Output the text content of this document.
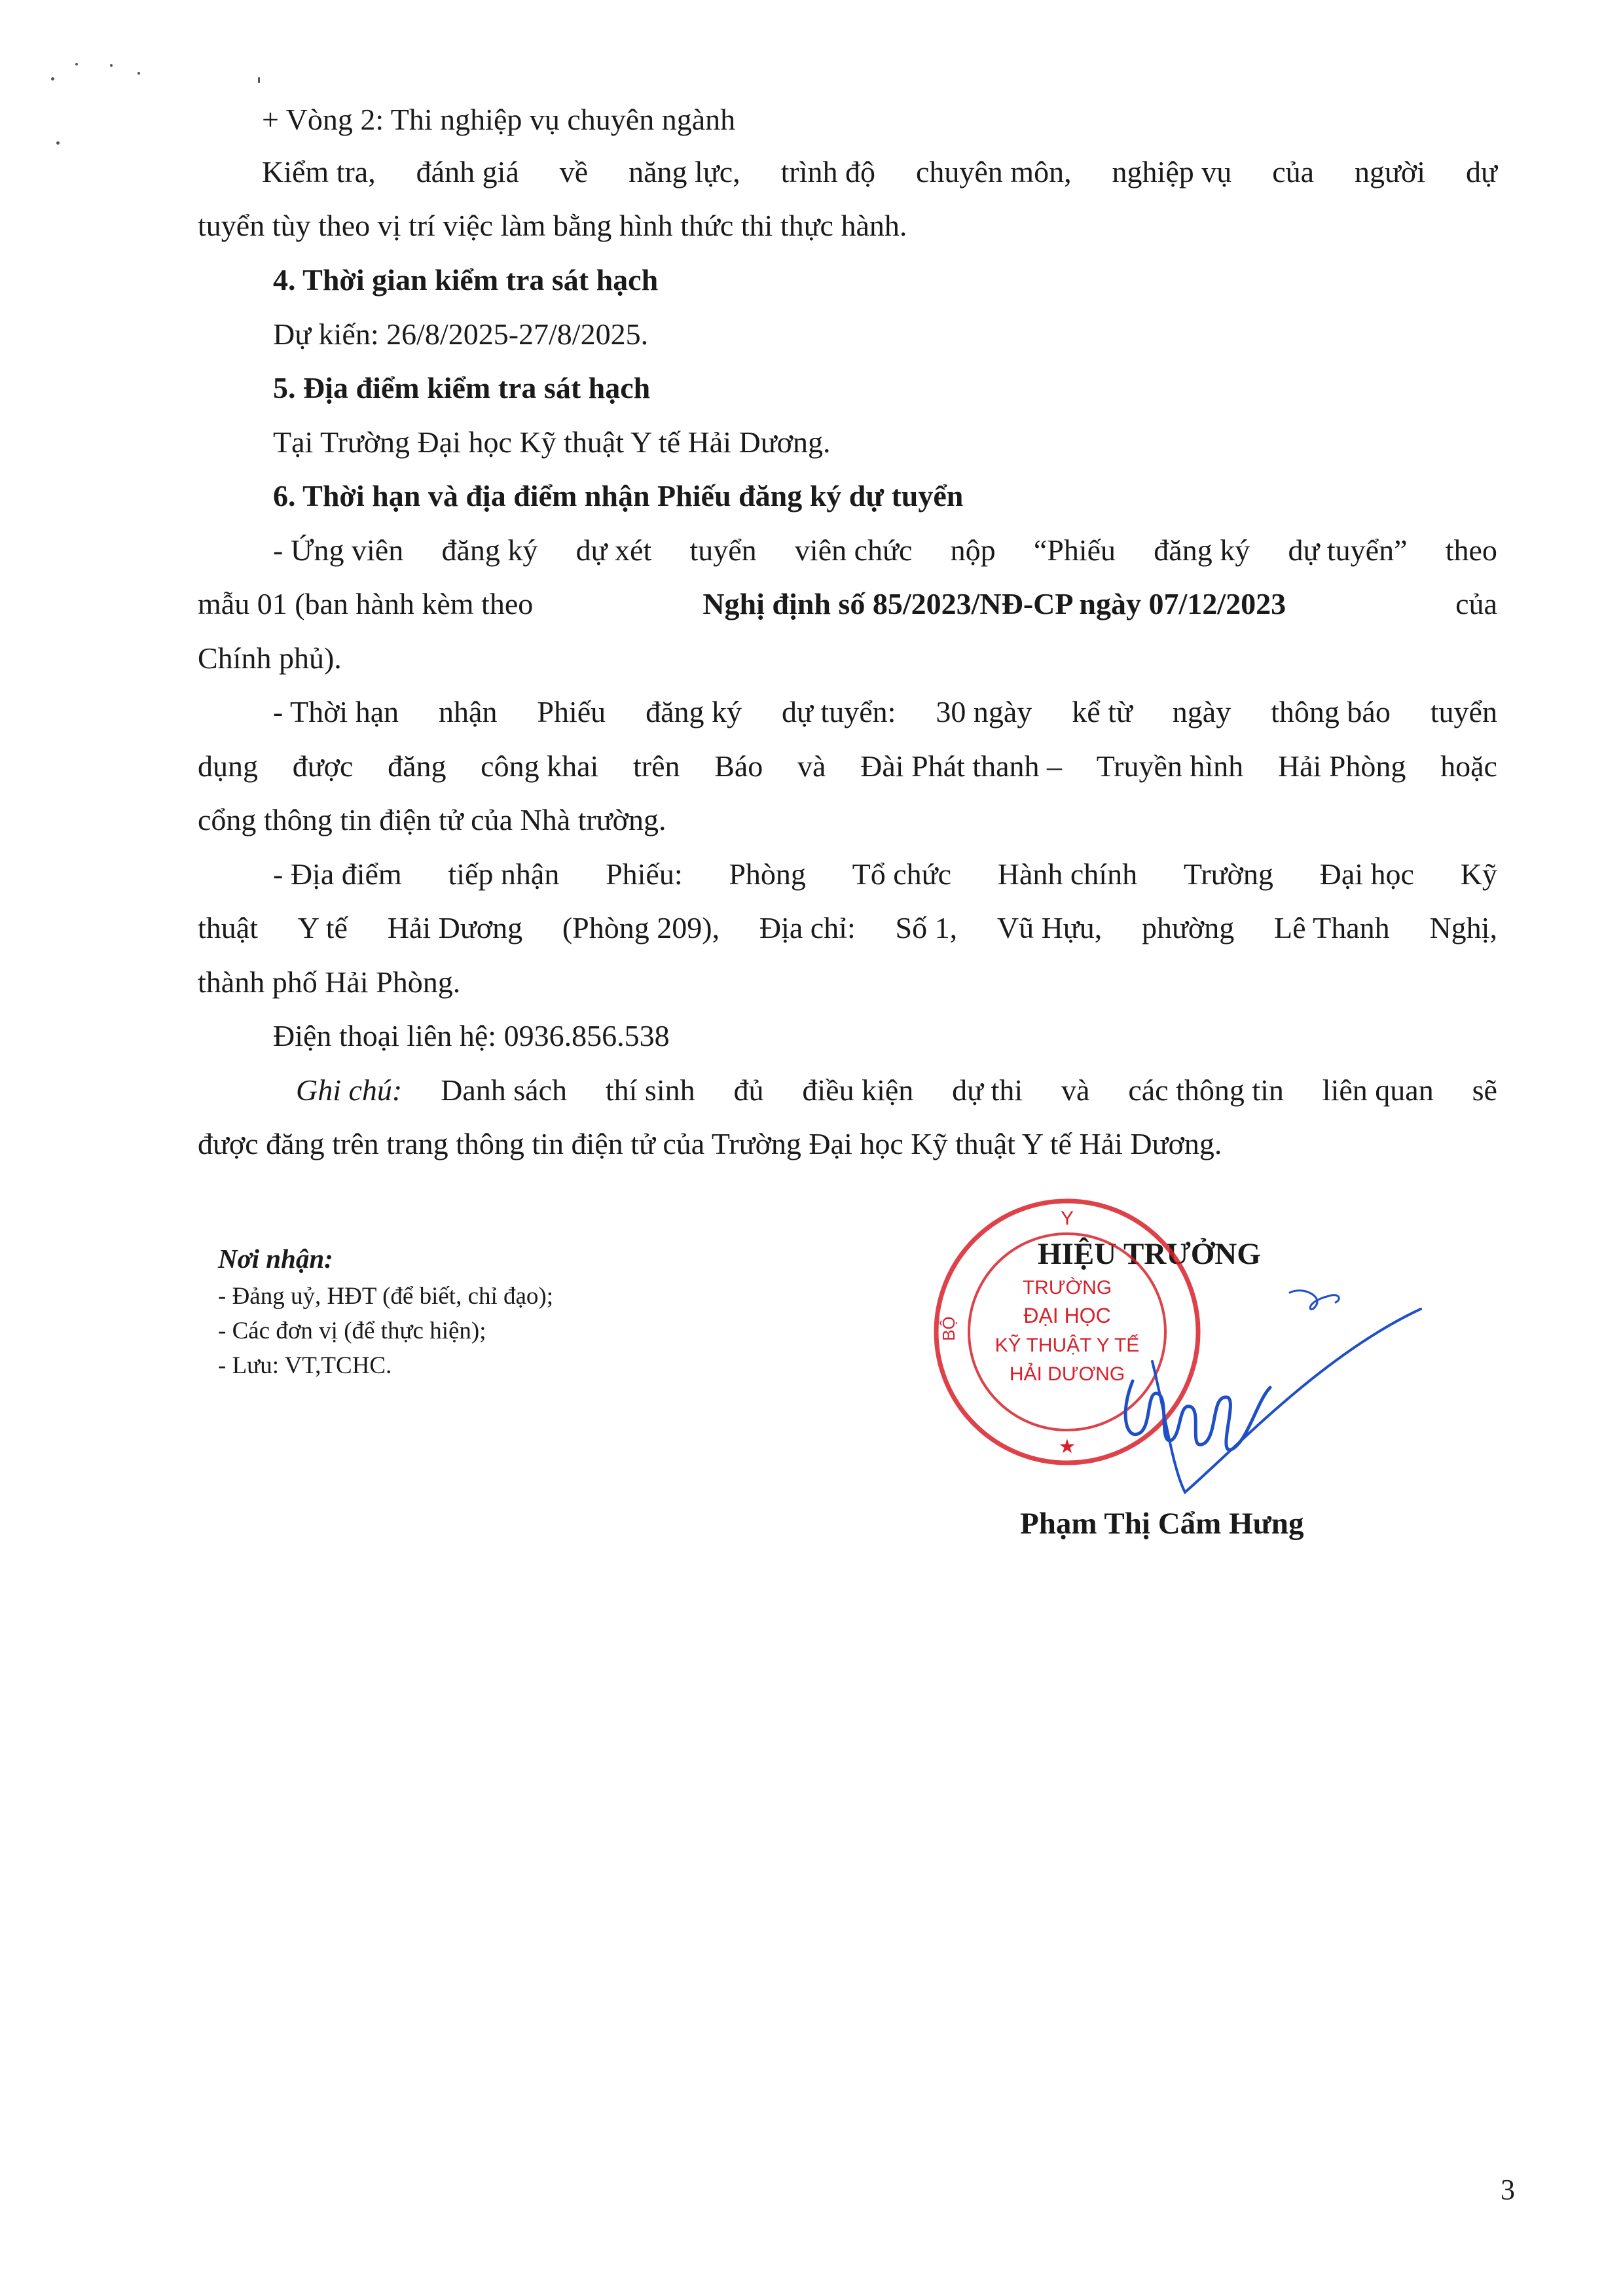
+ Vòng 2: Thi nghiệp vụ chuyên ngành
Kiểm tra, đánh giá về năng lực, trình độ chuyên môn, nghiệp vụ của người dự
tuyển tùy theo vị trí việc làm bằng hình thức thi thực hành.
4. Thời gian kiểm tra sát hạch
Dự kiến: 26/8/2025-27/8/2025.
5. Địa điểm kiểm tra sát hạch
Tại Trường Đại học Kỹ thuật Y tế Hải Dương.
6. Thời hạn và địa điểm nhận Phiếu đăng ký dự tuyển
- Ứng viên đăng ký dự xét tuyển viên chức nộp “Phiếu đăng ký dự tuyển” theo
mẫu 01 (ban hành kèm theo	Nghị định số 85/2023/NĐ-CP ngày 07/12/2023	của
Chính phủ).
- Thời hạn nhận Phiếu đăng ký dự tuyển: 30 ngày kể từ ngày thông báo tuyển
dụng được đăng công khai trên Báo và Đài Phát thanh – Truyền hình Hải Phòng hoặc
cổng thông tin điện tử của Nhà trường.
- Địa điểm tiếp nhận Phiếu: Phòng Tổ chức Hành chính Trường Đại học Kỹ
thuật Y tế Hải Dương (Phòng 209), Địa chỉ: Số 1, Vũ Hựu, phường Lê Thanh Nghị,
thành phố Hải Phòng.
Điện thoại liên hệ: 0936.856.538
Ghi chú: Danh sách thí sinh đủ điều kiện dự thi và các thông tin liên quan sẽ
được đăng trên trang thông tin điện tử của Trường Đại học Kỹ thuật Y tế Hải Dương.
Nơi nhận:
- Đảng uỷ, HĐT (để biết, chỉ đạo);
- Các đơn vị (để thực hiện);
- Lưu: VT,TCHC.
HIỆU TRƯỞNG
Y
BỘ
TRƯỜNG
ĐẠI HỌC
KỸ THUẬT Y TẾ
HẢI DƯƠNG
★
Phạm Thị Cẩm Hưng
3
